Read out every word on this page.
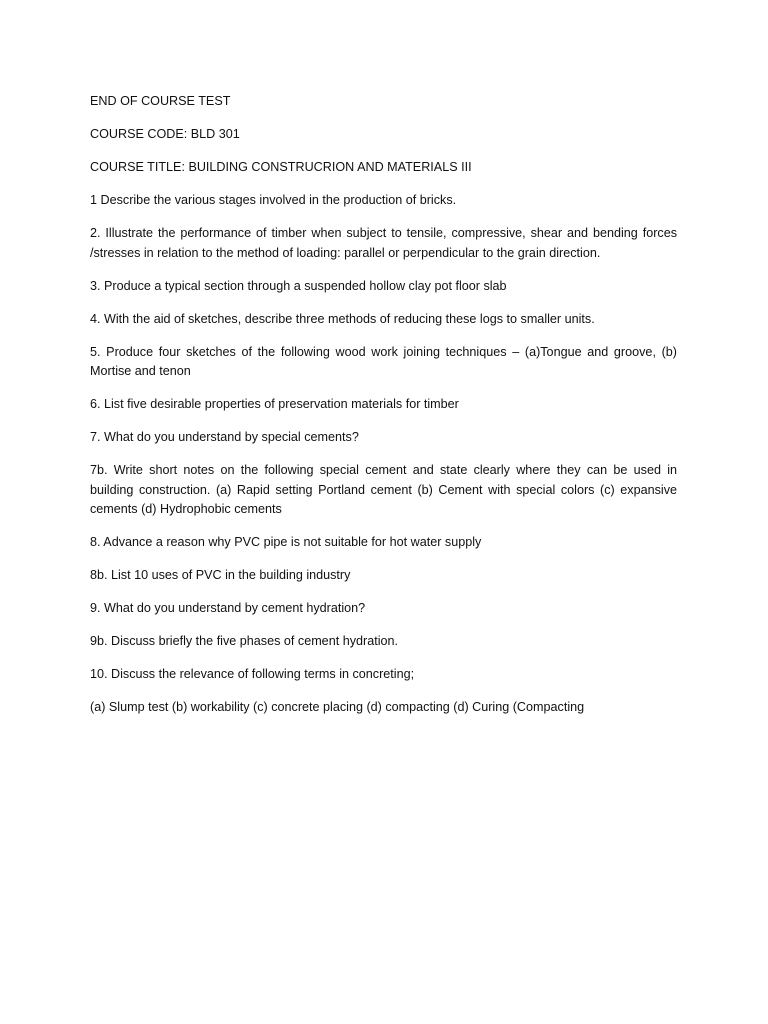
END OF COURSE TEST

COURSE CODE: BLD 301

COURSE TITLE: BUILDING CONSTRUCRION AND MATERIALS III

1 Describe the various stages involved in the production of bricks.

2. Illustrate the performance of timber when subject to tensile, compressive, shear and bending forces /stresses in relation to the method of loading: parallel or perpendicular to the grain direction.

3. Produce a typical section through a suspended hollow clay pot floor slab

4. With the aid of sketches, describe three methods of reducing these logs to smaller units.

5. Produce four sketches of the following wood work joining techniques – (a)Tongue and groove, (b) Mortise and tenon

6. List five desirable properties of preservation materials for timber

7. What do you understand by special cements?

7b. Write short notes on the following special cement and state clearly where they can be used in building construction. (a) Rapid setting Portland cement (b) Cement with special colors (c) expansive cements (d) Hydrophobic cements

8. Advance a reason why PVC pipe is not suitable for hot water supply

8b. List 10 uses of PVC in the building industry

9. What do you understand by cement hydration?

9b. Discuss briefly the five phases of cement hydration.

10. Discuss the relevance of following terms in concreting;

(a) Slump test (b) workability (c) concrete placing (d) compacting (d) Curing (Compacting
